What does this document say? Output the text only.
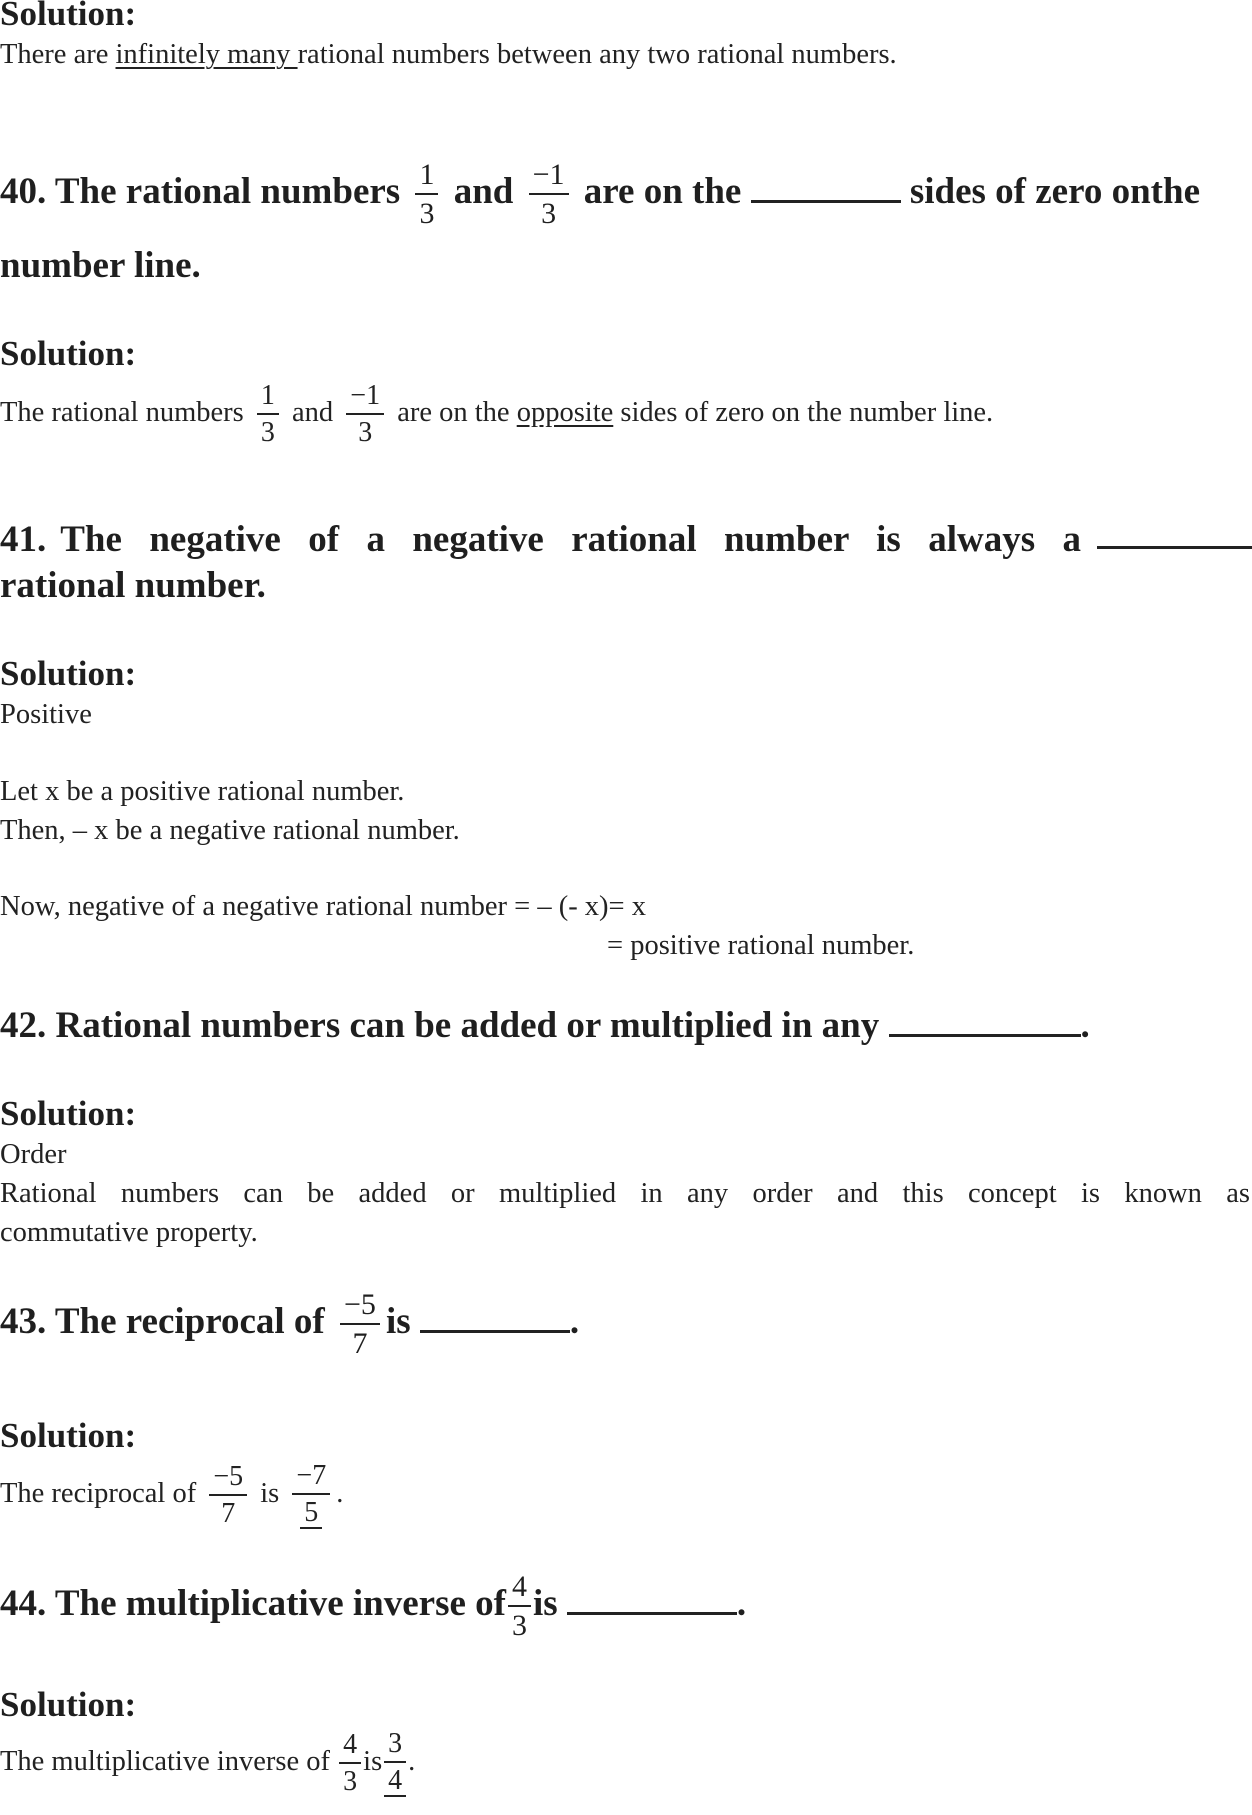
Solution:
There are infinitely many rational numbers between any two rational numbers.
40. The rational numbers $\frac{1}{3}$ and $\frac{-1}{3}$ are on the	sides of zero onthe
number line.
Solution:
The rational numbers $\frac{1}{3}$ and $\frac{-1}{3}$ are on the opposite sides of zero on the number line.
41. The negative of a negative rational number is always a
rational number.
Solution:
Positive
Let x be a positive rational number.
Then, – x be a negative rational number.
Now, negative of a negative rational number = – (- x)= x
= positive rational number.
42. Rational numbers can be added or multiplied in any	.
Solution:
Order
Rational numbers can be added or multiplied in any order and this concept is known as
commutative property.
43. The reciprocal of $\frac{-5}{7}$ is	.
Solution:
The reciprocal of $\frac{-5}{7}$ is $\frac{-7}{5}$ .
44. The multiplicative inverse of $\frac{4}{3}$ is	.
Solution:
The multiplicative inverse of $\frac{4}{3}$ is $\frac{3}{4}$ .
